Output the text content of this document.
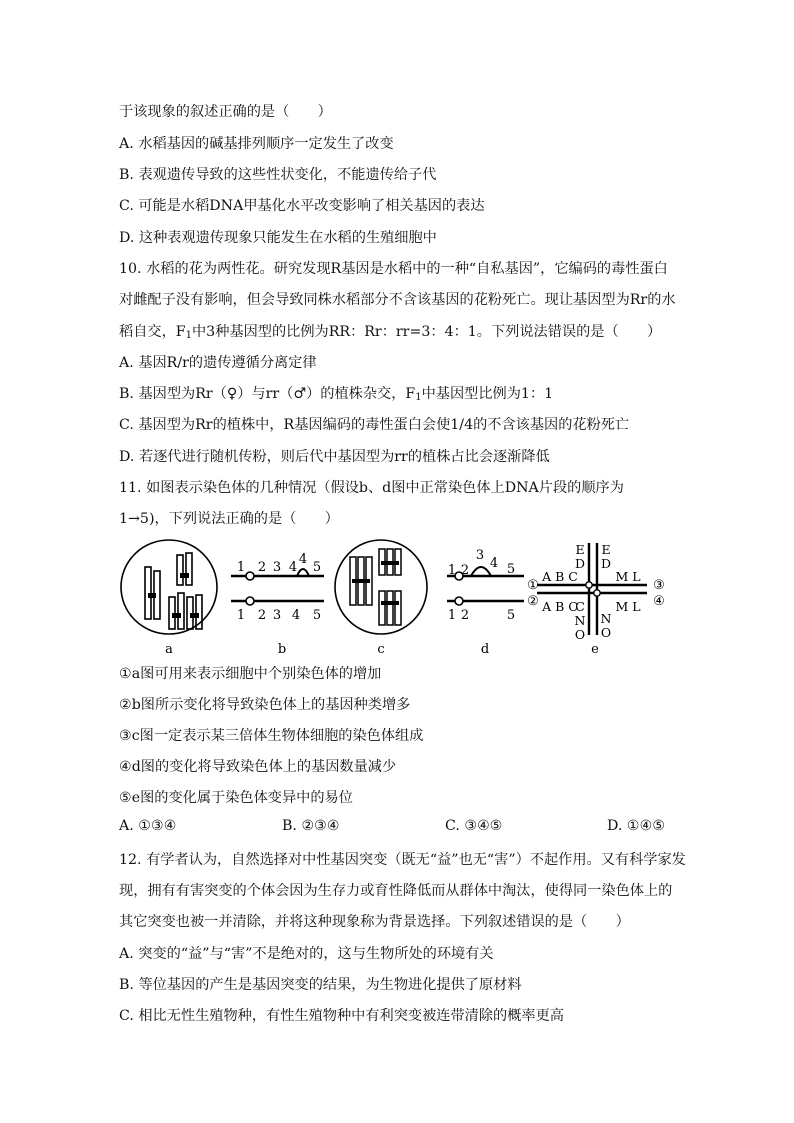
于该现象的叙述正确的是（　　）
A. 水稻基因的碱基排列顺序一定发生了改变
B. 表观遗传导致的这些性状变化，不能遗传给子代
C. 可能是水稻DNA甲基化水平改变影响了相关基因的表达
D. 这种表观遗传现象只能发生在水稻的生殖细胞中
10. 水稻的花为两性花。研究发现R基因是水稻中的一种“自私基因”，它编码的毒性蛋白
对雌配子没有影响，但会导致同株水稻部分不含该基因的花粉死亡。现让基因型为Rr的水
稻自交，$F_1$中3种基因型的比例为RR：Rr：rr=3：4：1。下列说法错误的是（　　）
A. 基因R/r的遗传遵循分离定律
B. 基因型为Rr（♀）与rr（♂）的植株杂交，$F_1$中基因型比例为1：1
C. 基因型为Rr的植株中，R基因编码的毒性蛋白会使1/4的不含该基因的花粉死亡
D. 若逐代进行随机传粉，则后代中基因型为rr的植株占比会逐渐降低
11. 如图表示染色体的几种情况（假设b、d图中正常染色体上DNA片段的顺序为
1→5)，下列说法正确的是（　　）
a	b	c	d	e
1 2 3 4
4
5
1 2 3 4 5
1 2
3
4 5
1 2	5
E
D
E
D
C
N
O
N
O
A B C	M L
A B C	M L
①
②
③
④
①a图可用来表示细胞中个别染色体的增加
②b图所示变化将导致染色体上的基因种类增多
③c图一定表示某三倍体生物体细胞的染色体组成
④d图的变化将导致染色体上的基因数量减少
⑤e图的变化属于染色体变异中的易位
A. ①③④	B. ②③④	C. ③④⑤	D. ①④⑤
12. 有学者认为，自然选择对中性基因突变（既无“益”也无“害”）不起作用。又有科学家发
现，拥有有害突变的个体会因为生存力或育性降低而从群体中淘汰，使得同一染色体上的
其它突变也被一并清除，并将这种现象称为背景选择。下列叙述错误的是（　　）
A. 突变的“益”与“害”不是绝对的，这与生物所处的环境有关
B. 等位基因的产生是基因突变的结果，为生物进化提供了原材料
C. 相比无性生殖物种，有性生殖物种中有利突变被连带清除的概率更高
